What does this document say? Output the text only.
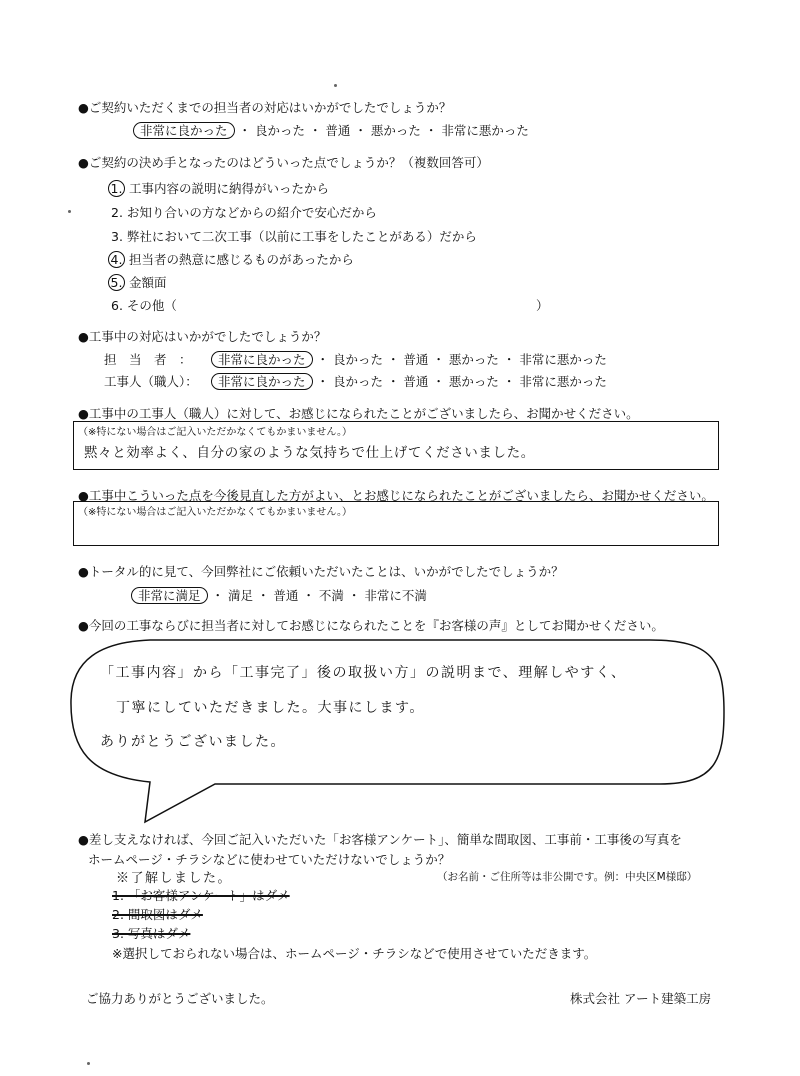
●ご契約いただくまでの担当者の対応はいかがでしたでしょうか？
非常に良かった ・ 良かった ・ 普通 ・ 悪かった ・ 非常に悪かった
●ご契約の決め手となったのはどういった点でしょうか？（複数回答可）
1. 工事内容の説明に納得がいったから
2. お知り合いの方などからの紹介で安心だから
3. 弊社において二次工事（以前に工事をしたことがある）だから
4. 担当者の熱意に感じるものがあったから
5. 金額面
6. その他（	）
●工事中の対応はいかがでしたでしょうか？
担　当　者　： 非常に良かった ・ 良かった ・ 普通 ・ 悪かった ・ 非常に悪かった
工事人（職人）： 非常に良かった ・ 良かった ・ 普通 ・ 悪かった ・ 非常に悪かった
●工事中の工事人（職人）に対して、お感じになられたことがございましたら、お聞かせください。
（※特にない場合はご記入いただかなくてもかまいません。）
黙々と効率よく、自分の家のような気持ちで仕上げてくださいました。
●工事中こういった点を今後見直した方がよい、とお感じになられたことがございましたら、お聞かせください。
（※特にない場合はご記入いただかなくてもかまいません。）
●トータル的に見て、今回弊社にご依頼いただいたことは、いかがでしたでしょうか？
非常に満足 ・ 満足 ・ 普通 ・ 不満 ・ 非常に不満
●今回の工事ならびに担当者に対してお感じになられたことを『お客様の声』としてお聞かせください。
「工事内容」から「工事完了」後の取扱い方」の説明まで、理解しやすく、
丁寧にしていただきました。大事にします。
ありがとうございました。
●差し支えなければ、今回ご記入いただいた「お客様アンケート」、簡単な間取図、工事前・工事後の写真を
ホームページ・チラシなどに使わせていただけないでしょうか？
※了解しました。	（お名前・ご住所等は非公開です。例：中央区M様邸）
1. 「お客様アンケート」はダメ
2. 間取図はダメ
3. 写真はダメ
※選択しておられない場合は、ホームページ・チラシなどで使用させていただきます。
ご協力ありがとうございました。	株式会社 アート建築工房
